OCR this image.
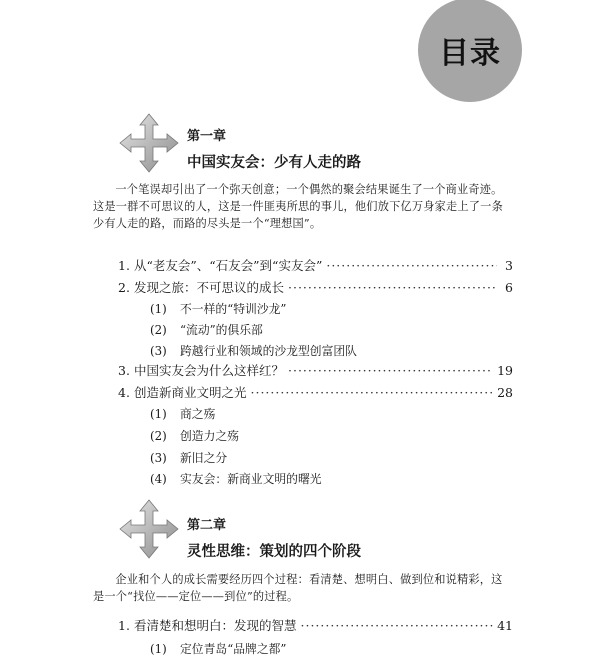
目录
第一章
中国实友会：少有人走的路

一个笔误却引出了一个弥天创意；一个偶然的聚会结果诞生了一个商业奇迹。这是一群不可思议的人，这是一件匪夷所思的事儿，他们放下亿万身家走上了一条少有人走的路，而路的尽头是一个“理想国”。

1. 从“老友会”、“石友会”到“实友会” ·····	3
2. 发现之旅：不可思议的成长 ·····	6
(1) 不一样的“特训沙龙”
(2) “流动”的俱乐部
(3) 跨越行业和领域的沙龙型创富团队
3. 中国实友会为什么这样红？ ·····	19
4. 创造新商业文明之光 ·····	28
(1) 商之殇
(2) 创造力之殇
(3) 新旧之分
(4) 实友会：新商业文明的曙光
第二章
灵性思维：策划的四个阶段

企业和个人的成长需要经历四个过程：看清楚、想明白、做到位和说精彩，这是一个“找位——定位——到位”的过程。

1. 看清楚和想明白：发现的智慧 ·····	41
(1) 定位青岛“品牌之都”
